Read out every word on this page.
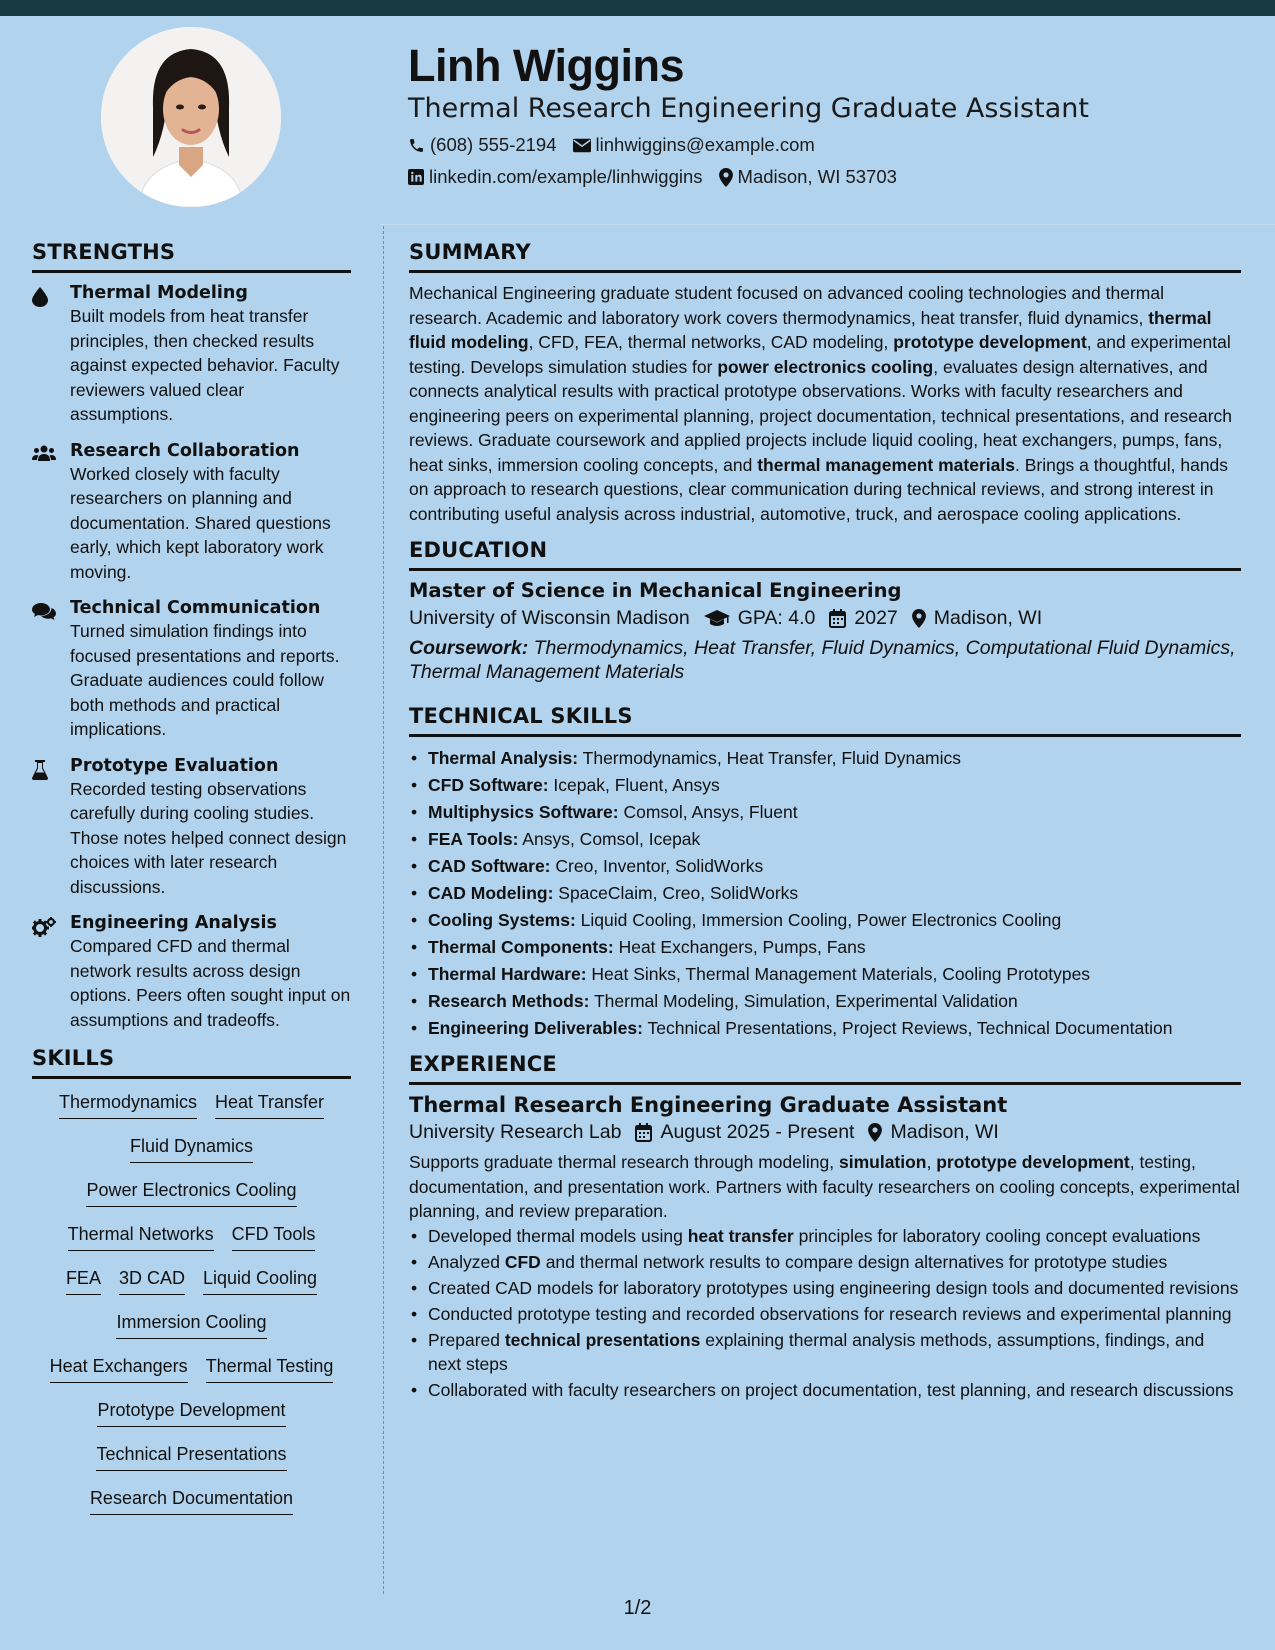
Linh Wiggins
Thermal Research Engineering Graduate Assistant
(608) 555-2194 linhwiggins@example.com
linkedin.com/example/linhwiggins Madison, WI 53703
STRENGTHS
Thermal Modeling
Built models from heat transfer principles, then checked results against expected behavior. Faculty reviewers valued clear assumptions.
Research Collaboration
Worked closely with faculty researchers on planning and documentation. Shared questions early, which kept laboratory work moving.
Technical Communication
Turned simulation findings into focused presentations and reports. Graduate audiences could follow both methods and practical implications.
Prototype Evaluation
Recorded testing observations carefully during cooling studies. Those notes helped connect design choices with later research discussions.
Engineering Analysis
Compared CFD and thermal network results across design options. Peers often sought input on assumptions and tradeoffs.
SKILLS
Thermodynamics Heat Transfer
Fluid Dynamics
Power Electronics Cooling
Thermal Networks CFD Tools
FEA 3D CAD Liquid Cooling
Immersion Cooling
Heat Exchangers Thermal Testing
Prototype Development
Technical Presentations
Research Documentation
SUMMARY

Mechanical Engineering graduate student focused on advanced cooling technologies and thermal research. Academic and laboratory work covers thermodynamics, heat transfer, fluid dynamics, thermal fluid modeling, CFD, FEA, thermal networks, CAD modeling, prototype development, and experimental testing. Develops simulation studies for power electronics cooling, evaluates design alternatives, and connects analytical results with practical prototype observations. Works with faculty researchers and engineering peers on experimental planning, project documentation, technical presentations, and research reviews. Graduate coursework and applied projects include liquid cooling, heat exchangers, pumps, fans, heat sinks, immersion cooling concepts, and thermal management materials. Brings a thoughtful, hands on approach to research questions, clear communication during technical reviews, and strong interest in contributing useful analysis across industrial, automotive, truck, and aerospace cooling applications.

EDUCATION
Master of Science in Mechanical Engineering
University of Wisconsin Madison GPA: 4.0 2027 Madison, WI
Coursework: Thermodynamics, Heat Transfer, Fluid Dynamics, Computational Fluid Dynamics, Thermal Management Materials
TECHNICAL SKILLS
• Thermal Analysis: Thermodynamics, Heat Transfer, Fluid Dynamics
• CFD Software: Icepak, Fluent, Ansys
• Multiphysics Software: Comsol, Ansys, Fluent
• FEA Tools: Ansys, Comsol, Icepak
• CAD Software: Creo, Inventor, SolidWorks
• CAD Modeling: SpaceClaim, Creo, SolidWorks
• Cooling Systems: Liquid Cooling, Immersion Cooling, Power Electronics Cooling
• Thermal Components: Heat Exchangers, Pumps, Fans
• Thermal Hardware: Heat Sinks, Thermal Management Materials, Cooling Prototypes
• Research Methods: Thermal Modeling, Simulation, Experimental Validation
• Engineering Deliverables: Technical Presentations, Project Reviews, Technical Documentation
EXPERIENCE
Thermal Research Engineering Graduate Assistant
University Research Lab August 2025 - Present Madison, WI

Supports graduate thermal research through modeling, simulation, prototype development, testing, documentation, and presentation work. Partners with faculty researchers on cooling concepts, experimental planning, and review preparation.

• Developed thermal models using heat transfer principles for laboratory cooling concept evaluations
• Analyzed CFD and thermal network results to compare design alternatives for prototype studies
• Created CAD models for laboratory prototypes using engineering design tools and documented revisions
• Conducted prototype testing and recorded observations for research reviews and experimental planning
• Prepared technical presentations explaining thermal analysis methods, assumptions, findings, and next steps
• Collaborated with faculty researchers on project documentation, test planning, and research discussions
1/2
